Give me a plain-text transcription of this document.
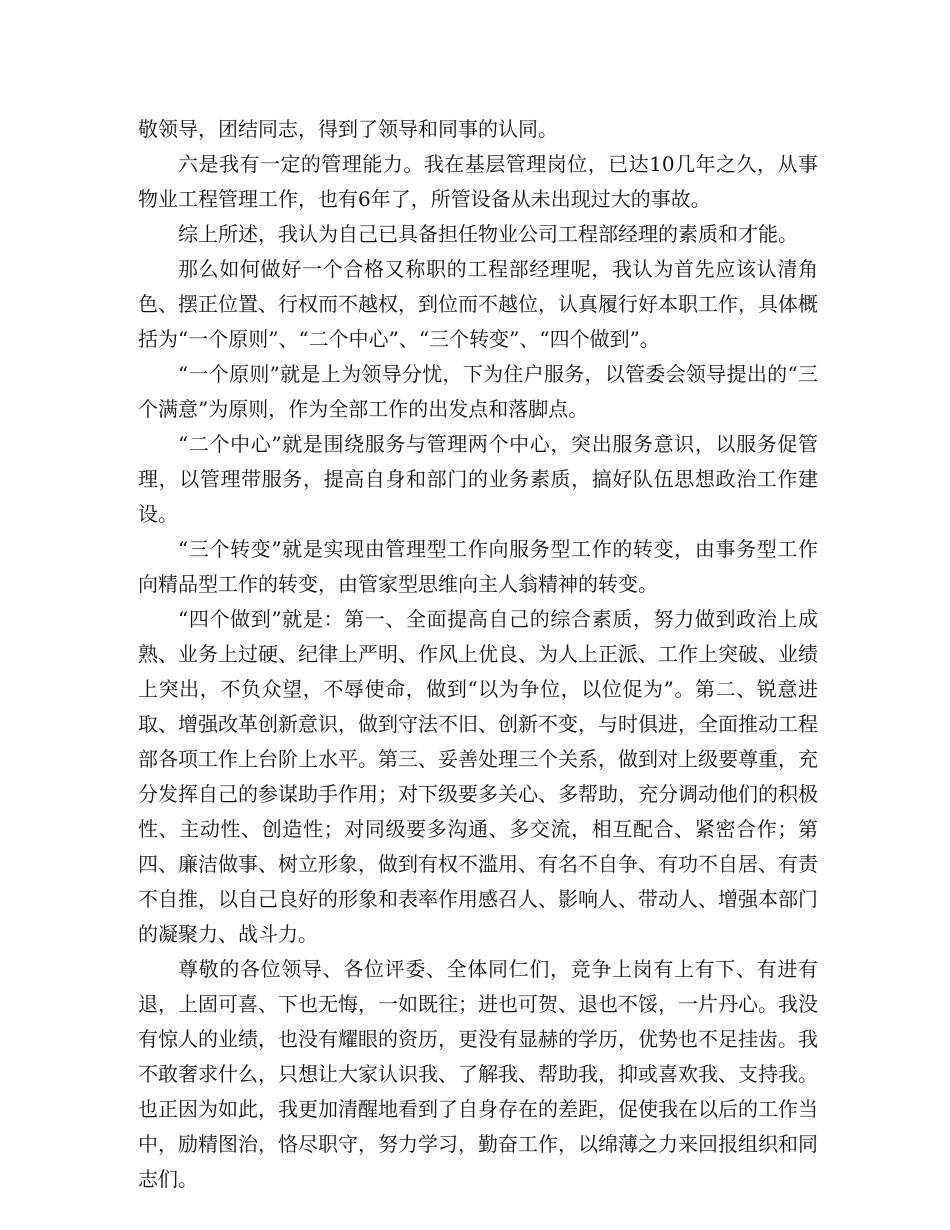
敬领导，团结同志，得到了领导和同事的认同。

六是我有一定的管理能力。我在基层管理岗位，已达10几年之久，从事物业工程管理工作，也有6年了，所管设备从未出现过大的事故。

综上所述，我认为自己已具备担任物业公司工程部经理的素质和才能。

那么如何做好一个合格又称职的工程部经理呢，我认为首先应该认清角色、摆正位置、行权而不越权，到位而不越位，认真履行好本职工作，具体概括为“一个原则”、“二个中心”、“三个转变”、“四个做到”。

“一个原则”就是上为领导分忧，下为住户服务，以管委会领导提出的“三个满意”为原则，作为全部工作的出发点和落脚点。

“二个中心”就是围绕服务与管理两个中心，突出服务意识，以服务促管理，以管理带服务，提高自身和部门的业务素质，搞好队伍思想政治工作建设。

“三个转变”就是实现由管理型工作向服务型工作的转变，由事务型工作向精品型工作的转变，由管家型思维向主人翁精神的转变。

“四个做到”就是：第一、全面提高自己的综合素质，努力做到政治上成熟、业务上过硬、纪律上严明、作风上优良、为人上正派、工作上突破、业绩上突出，不负众望，不辱使命，做到“以为争位，以位促为”。第二、锐意进取、增强改革创新意识，做到守法不旧、创新不变，与时俱进，全面推动工程部各项工作上台阶上水平。第三、妥善处理三个关系，做到对上级要尊重，充分发挥自己的参谋助手作用；对下级要多关心、多帮助，充分调动他们的积极性、主动性、创造性；对同级要多沟通、多交流，相互配合、紧密合作；第四、廉洁做事、树立形象，做到有权不滥用、有名不自争、有功不自居、有责不自推，以自己良好的形象和表率作用感召人、影响人、带动人、增强本部门的凝聚力、战斗力。

尊敬的各位领导、各位评委、全体同仁们，竞争上岗有上有下、有进有退，上固可喜、下也无悔，一如既往；进也可贺、退也不馁，一片丹心。我没有惊人的业绩，也没有耀眼的资历，更没有显赫的学历，优势也不足挂齿。我不敢奢求什么，只想让大家认识我、了解我、帮助我，抑或喜欢我、支持我。也正因为如此，我更加清醒地看到了自身存在的差距，促使我在以后的工作当中，励精图治，恪尽职守，努力学习，勤奋工作，以绵薄之力来回报组织和同志们。
